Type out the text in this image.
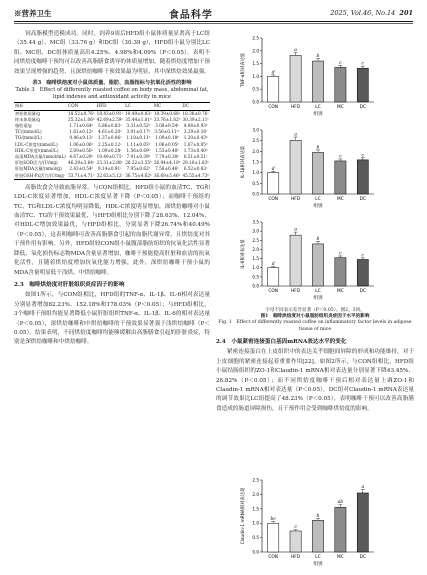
※营养卫生	食品科学	2025, Vol.46, No.14 201

饲高脂模型造模成功。同时，饲养9周后HFD组小鼠体质量显著高于LC组（35.44 g）、MC组（33.76 g）和DC组（30.39 g），HFD组小鼠分别比LC组、MC组、DC组体质量高出4.25%、4.98%和4.09%（P＜0.05），表明不同烘焙度咖啡干预均可以改善高脂膳食诱导的体质量增加，随着烘焙度增加干预效果呈现增强的趋势，且深烘焙咖啡干预效果最为明显，其中深烘焙效果最强。

表3　咖啡烘焙度对小鼠体质量、脂肪、血脂指标与抗氧化活性的影响
Table 3　Effect of differently roasted coffee on body mass, abdominal fat, lipid indexes and antioxidant activity in mice
指标	CON	HFD	LC	MC	DC
初始体质量/g	18.52±0.76ᵃ	18.43±0.91ᵃ	18.49±0.83ᵃ	18.39±0.68ᵃ	18.36±0.76ᵃ
终末体质量/g	25.32±1.06ᵈ	42.69±2.59ᵃ	35.44±1.81ᵇ	33.76±1.82ᵇ	30.39±2.11ᶜ
脂肪重/g	1.71±0.64ᵈ	5.86±0.83ᵃ	3.31±0.52ᵇ	3.08±0.54ᵇ	4.08±0.93ᵇ
TC/(mmol/L)	1.61±0.12ᵈ	4.61±0.20ᵃ	3.91±0.17ᵇ	3.56±0.11ᵇᶜ	3.29±0.16ᶜ
TG/(mmol/L)	0.46±0.13ᶜ	1.37±0.06ᵃ	1.18±0.11ᵇ	1.09±0.18ᵇ	1.20±0.43ᵇ
LDL-C浓度/(mmol/L)	1.06±0.06ᵈ	2.25±0.12ᵃ	1.11±0.03ᵇ	1.06±0.05ᵇ	1.07±0.05ᵇ
HDL-C浓度/(mmol/L)	2.09±0.50ᵃ	1.09±0.28ᶜ	1.56±0.69ᵇ	1.53±0.40ᵇ	1.73±0.40ᵇ
血清MDA含量/(nmol/mL)	4.67±0.29ᵈ	10.49±0.71ᵃ	7.91±0.39ᵇ	7.79±0.38ᵇ	6.51±0.51ᶜ
肝脏SOD活力/(U/mg)	46.29±3.64ᵃ	23.31±2.80ᶜ	26.22±3.55ᵇ	26.94±4.10ᵇ	29.10±1.83ᵇ
肝脏MDA含量/(nmol/g)	2.43±0.54ᵈ	9.14±0.91ᵃ	7.95±0.62ᵇ	7.58±0.46ᵇ	6.52±0.83ᶜ
肝脏GSH-Px活力/(U/mg)	53.71±4.71ᵃ	32.62±5.12ᶜ	36.75±4.62ᵇ	36.69±5.46ᵇ	45.55±4.73ᵇ

高脂饮食会导致血脂异常。与CON组相比，HFD组小鼠的血清TC、TG和LDL-C浓度显著增加，HDL-C浓度显著下降（P＜0.05）；而咖啡干预组的TC、TG和LDL-C浓度均明显降低，HDL-C浓度明显增加。深烘焙咖啡对小鼠血清TC、TG的干预效果最优，与HFD组相比分别下降了28.63%、12.04%，对HDL-C增加效果最优，与HFD组相比，分别显著下降26.74%和40.49%（P＜0.05），这表明咖啡可改善高脂膳食引起的血脂代谢异常，且烘焙度对其干预作用有影响。另外，HFD组较CON组小鼠腹部脂肪组织的抗氧化活性显著降低，氧化损伤标志物MDA含量显著增加，咖啡干预能提高肝脏和血清的抗氧化活性，且随着烘焙度增加抗氧化能力增强，此外，深烘焙咖啡干预小鼠的MDA含量明显低于浅烘、中烘焙咖啡。

2.3　咖啡烘焙度对肝脏组织炎症因子的影响

如图1所示，与CON组相比，HFD组的TNF-α、IL-1β、IL-6相对表达量分别显著增加82.23%、152.18%和178.03%（P＜0.05）；与HFD组相比，3个咖啡干预组均能显著降低小鼠肝脏组织TNF-α、IL-1β、IL-6的相对表达量（P＜0.05），深烘焙咖啡和中烘焙咖啡的干预效果显著强于浅烘焙咖啡（P＜0.05）。结果表明，不同烘焙度咖啡均能够缓解由高脂膳食引起的肝脏炎症，特别是深烘焙咖啡和中烘焙咖啡。

0.0
0.5
1.0
1.5
2.0
2.5
TNF-α相对表达量	d
CON
a
HFD
b
LC
c
MC
c
DC
组别
0.0
0.5
1.0
1.5
2.0
2.5
3.0
IL-1β相对表达量	d
CON
a
HFD
b
LC
c
MC
c
DC
组别
0.0
0.5
1.0
1.5
2.0
2.5
3.0
3.5
IL-6相对表达量	d
CON
a
HFD
b
LC
c
MC
c
DC
组别
字母不同表示差异显著（P＜0.05）。图2、3同。
图1　咖啡烘焙度对小鼠脂肪组织炎症因子水平的影响
Fig. 1　Effect of differently roasted coffee on inflammatory factor levels in adipose tissue of mice

2.4　小鼠紧密连接蛋白基因mRNA表达水平的变化

紧密连接蛋白在上皮组织中的表达关乎细胞间屏障的形成和功能维持，对于上皮细胞的紧密连接起着重要作用[22]。如图2所示，与CON组相比，HFD组小鼠结肠组织的ZO-1和Claudin-1 mRNA相对表达量分别显著下降43.45%、26.82%（P＜0.05）；而不同烘焙度咖啡干预后相对表达量上调ZO-1和Claudin-1 mRNA相对表达量（P＜0.05），DC组对Claudin-1 mRNA表达量的调节效果比LC组提高了48.23%（P＜0.05），表明咖啡干预可以改善高脂膳食造成的肠道屏障损伤，且干预作用会受到咖啡烘焙度的影响。

0.0
0.5
1.0
1.5
2.0
2.5
Claudin-1 mRNA相对表达量	bc
CON
c
HFD
b
LC
ab
MC
a
DC
组别
